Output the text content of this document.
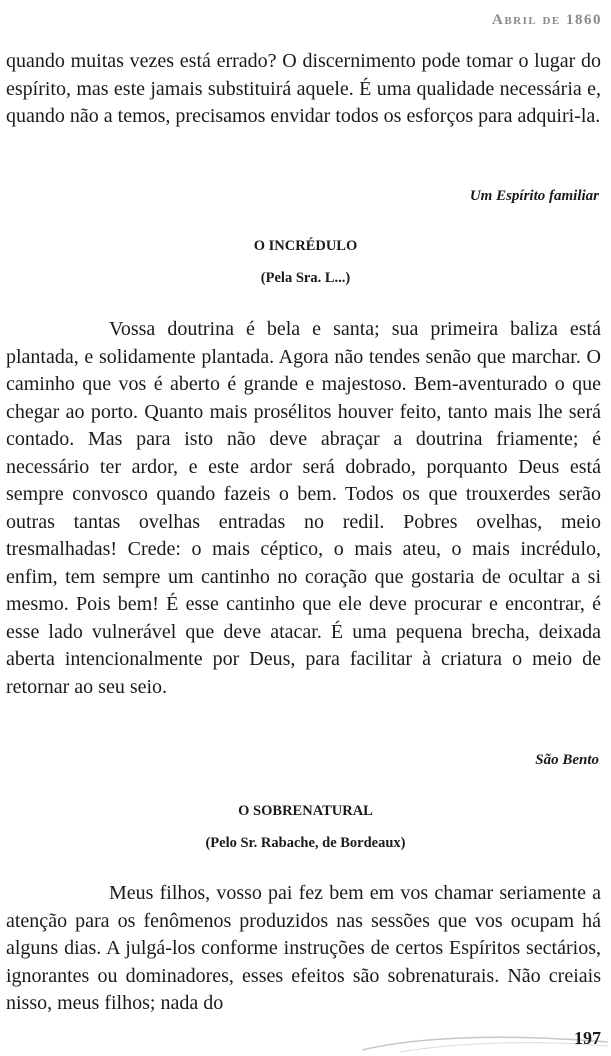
Abril de 1860

quando muitas vezes está errado? O discernimento pode tomar o lugar do espírito, mas este jamais substituirá aquele. É uma qualidade necessária e, quando não a temos, precisamos envidar todos os esforços para adquiri-la.

Um Espírito familiar
O INCRÉDULO
(Pela Sra. L...)

Vossa doutrina é bela e santa; sua primeira baliza está plantada, e solidamente plantada. Agora não tendes senão que marchar. O caminho que vos é aberto é grande e majestoso. Bem-aventurado o que chegar ao porto. Quanto mais prosélitos houver feito, tanto mais lhe será contado. Mas para isto não deve abraçar a doutrina friamente; é necessário ter ardor, e este ardor será dobrado, porquanto Deus está sempre convosco quando fazeis o bem. Todos os que trouxerdes serão outras tantas ovelhas entradas no redil. Pobres ovelhas, meio tresmalhadas! Crede: o mais céptico, o mais ateu, o mais incrédulo, enfim, tem sempre um cantinho no coração que gostaria de ocultar a si mesmo. Pois bem! É esse cantinho que ele deve procurar e encontrar, é esse lado vulnerável que deve atacar. É uma pequena brecha, deixada aberta intencionalmente por Deus, para facilitar à criatura o meio de retornar ao seu seio.

São Bento
O SOBRENATURAL
(Pelo Sr. Rabache, de Bordeaux)

Meus filhos, vosso pai fez bem em vos chamar seriamente a atenção para os fenômenos produzidos nas sessões que vos ocupam há alguns dias. A julgá-los conforme instruções de certos Espíritos sectários, ignorantes ou dominadores, esses efeitos são sobrenaturais. Não creiais nisso, meus filhos; nada do

197
